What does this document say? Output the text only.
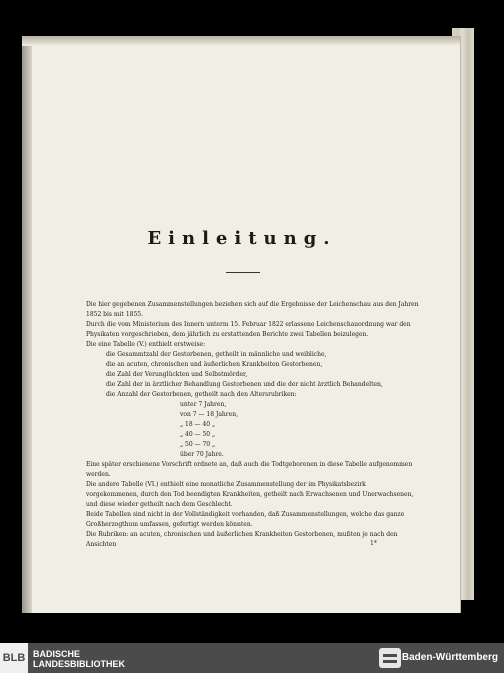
Einleitung.

Die hier gegebenen Zusammenstellungen beziehen sich auf die Ergebnisse der Leichenschau aus den Jahren 1852 bis mit 1855.

Durch die vom Ministerium des Innern unterm 15. Februar 1822 erlassene Leichenschauordnung war den Physikaten vorgeschrieben, dem jährlich zu erstattenden Berichte zwei Tabellen beizulegen.

Die eine Tabelle (V.) enthielt erstweise:

die Gesammtzahl der Gestorbenen, getheilt in männliche und weibliche,
die an acuten, chronischen und äußerlichen Krankheiten Gestorbenen,
die Zahl der Verunglückten und Selbstmörder,
die Zahl der in ärztlicher Behandlung Gestorbenen und die der nicht ärztlich Behandelten,
die Anzahl der Gestorbenen, getheilt nach den Altersrubriken:
unter 7 Jahren,
von 7 — 18 Jahren,
„ 18 — 40 „
„ 40 — 50 „
„ 50 — 70 „
über 70 Jahre.

Eine später erschienene Vorschrift ordnete an, daß auch die Todtgeborenen in diese Tabelle aufgenommen werden.

Die andere Tabelle (VI.) enthielt eine monatliche Zusammenstellung der im Physikatsbezirk vorgekommenen, durch den Tod beendigten Krankheiten, getheilt nach Erwachsenen und Unerwachsenen, und diese wieder getheilt nach dem Geschlecht.

Beide Tabellen sind nicht in der Vollständigkeit vorhanden, daß Zusammenstellungen, welche das ganze Großherzogthum umfassen, gefertigt werden könnten.

Die Rubriken: an acuten, chronischen und äußerlichen Krankheiten Gestorbenen, mußten je nach den Ansichten	1*
BLB BADISCHE
LANDESBIBLIOTHEK
Baden-Württemberg
